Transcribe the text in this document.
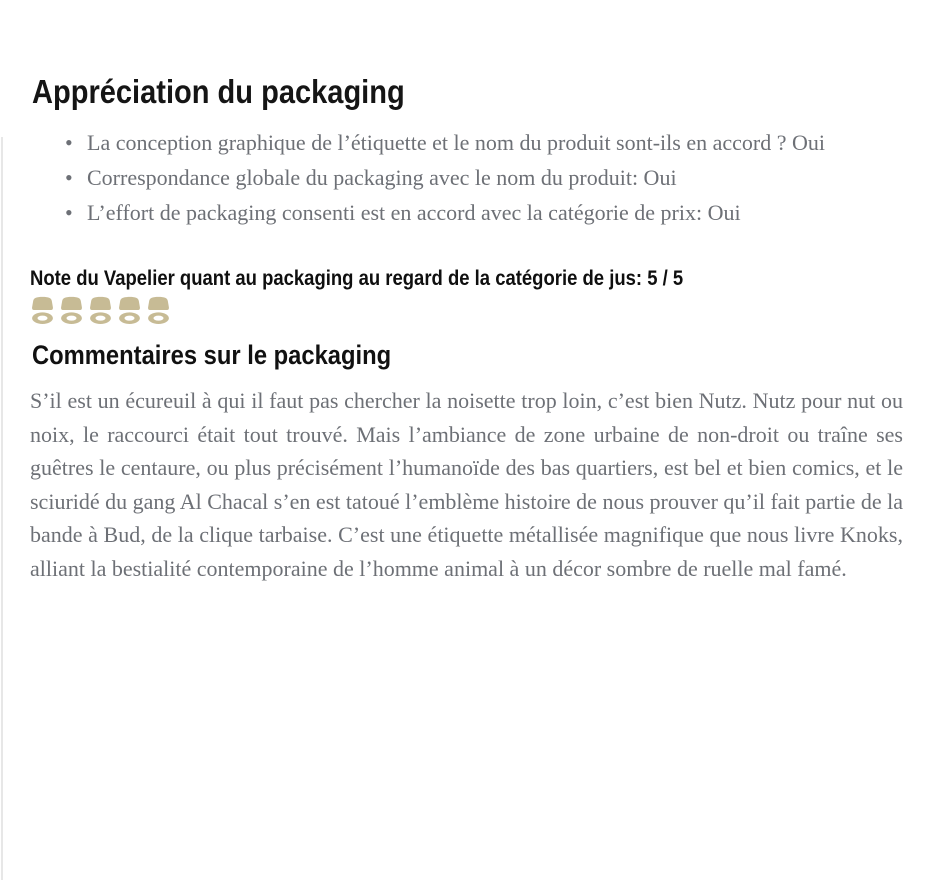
Appréciation du packaging
• La conception graphique de l’étiquette et le nom du produit sont-ils en accord ? Oui
• Correspondance globale du packaging avec le nom du produit: Oui
• L’effort de packaging consenti est en accord avec la catégorie de prix: Oui
Note du Vapelier quant au packaging au regard de la catégorie de jus: 5 / 5
Commentaires sur le packaging

S’il est un écureuil à qui il faut pas chercher la noisette trop loin, c’est bien Nutz. Nutz pour nut ou noix, le raccourci était tout trouvé. Mais l’ambiance de zone urbaine de non-droit ou traîne ses guêtres le centaure, ou plus précisément l’humanoïde des bas quartiers, est bel et bien comics, et le sciuridé du gang Al Chacal s’en est tatoué l’emblème histoire de nous prouver qu’il fait partie de la bande à Bud, de la clique tarbaise. C’est une étiquette métallisée magnifique que nous livre Knoks, alliant la bestialité contemporaine de l’homme animal à un décor sombre de ruelle mal famé.
